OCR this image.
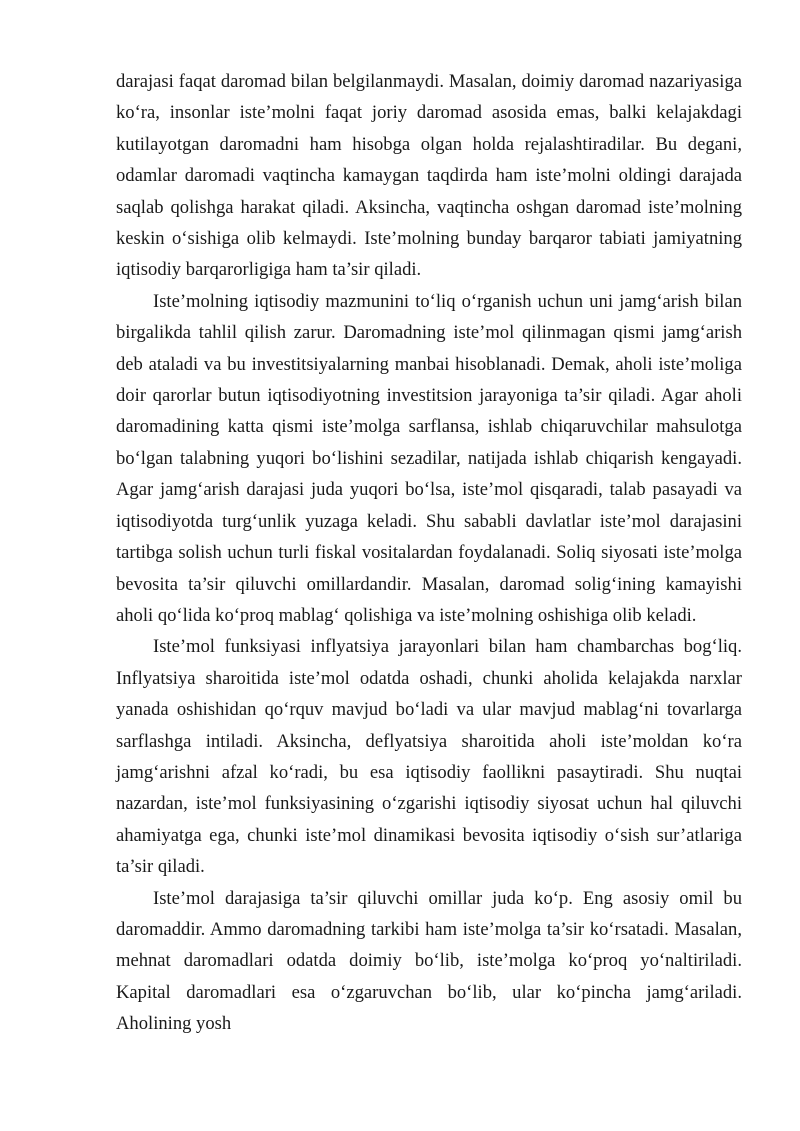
darajasi faqat daromad bilan belgilanmaydi. Masalan, doimiy daromad nazariyasiga ko‘ra, insonlar iste’molni faqat joriy daromad asosida emas, balki kelajakdagi kutilayotgan daromadni ham hisobga olgan holda rejalashtiradilar. Bu degani, odamlar daromadi vaqtincha kamaygan taqdirda ham iste’molni oldingi darajada saqlab qolishga harakat qiladi. Aksincha, vaqtincha oshgan daromad iste’molning keskin o‘sishiga olib kelmaydi. Iste’molning bunday barqaror tabiati jamiyatning iqtisodiy barqarorligiga ham ta’sir qiladi.

Iste’molning iqtisodiy mazmunini to‘liq o‘rganish uchun uni jamg‘arish bilan birgalikda tahlil qilish zarur. Daromadning iste’mol qilinmagan qismi jamg‘arish deb ataladi va bu investitsiyalarning manbai hisoblanadi. Demak, aholi iste’moliga doir qarorlar butun iqtisodiyotning investitsion jarayoniga ta’sir qiladi. Agar aholi daromadining katta qismi iste’molga sarflansa, ishlab chiqaruvchilar mahsulotga bo‘lgan talabning yuqori bo‘lishini sezadilar, natijada ishlab chiqarish kengayadi. Agar jamg‘arish darajasi juda yuqori bo‘lsa, iste’mol qisqaradi, talab pasayadi va iqtisodiyotda turg‘unlik yuzaga keladi. Shu sababli davlatlar iste’mol darajasini tartibga solish uchun turli fiskal vositalardan foydalanadi. Soliq siyosati iste’molga bevosita ta’sir qiluvchi omillardandir. Masalan, daromad solig‘ining kamayishi aholi qo‘lida ko‘proq mablag‘ qolishiga va iste’molning oshishiga olib keladi.

Iste’mol funksiyasi inflyatsiya jarayonlari bilan ham chambarchas bog‘liq. Inflyatsiya sharoitida iste’mol odatda oshadi, chunki aholida kelajakda narxlar yanada oshishidan qo‘rquv mavjud bo‘ladi va ular mavjud mablag‘ni tovarlarga sarflashga intiladi. Aksincha, deflyatsiya sharoitida aholi iste’moldan ko‘ra jamg‘arishni afzal ko‘radi, bu esa iqtisodiy faollikni pasaytiradi. Shu nuqtai nazardan, iste’mol funksiyasining o‘zgarishi iqtisodiy siyosat uchun hal qiluvchi ahamiyatga ega, chunki iste’mol dinamikasi bevosita iqtisodiy o‘sish sur’atlariga ta’sir qiladi.

Iste’mol darajasiga ta’sir qiluvchi omillar juda ko‘p. Eng asosiy omil bu daromaddir. Ammo daromadning tarkibi ham iste’molga ta’sir ko‘rsatadi. Masalan, mehnat daromadlari odatda doimiy bo‘lib, iste’molga ko‘proq yo‘naltiriladi. Kapital daromadlari esa o‘zgaruvchan bo‘lib, ular ko‘pincha jamg‘ariladi. Aholining yosh
